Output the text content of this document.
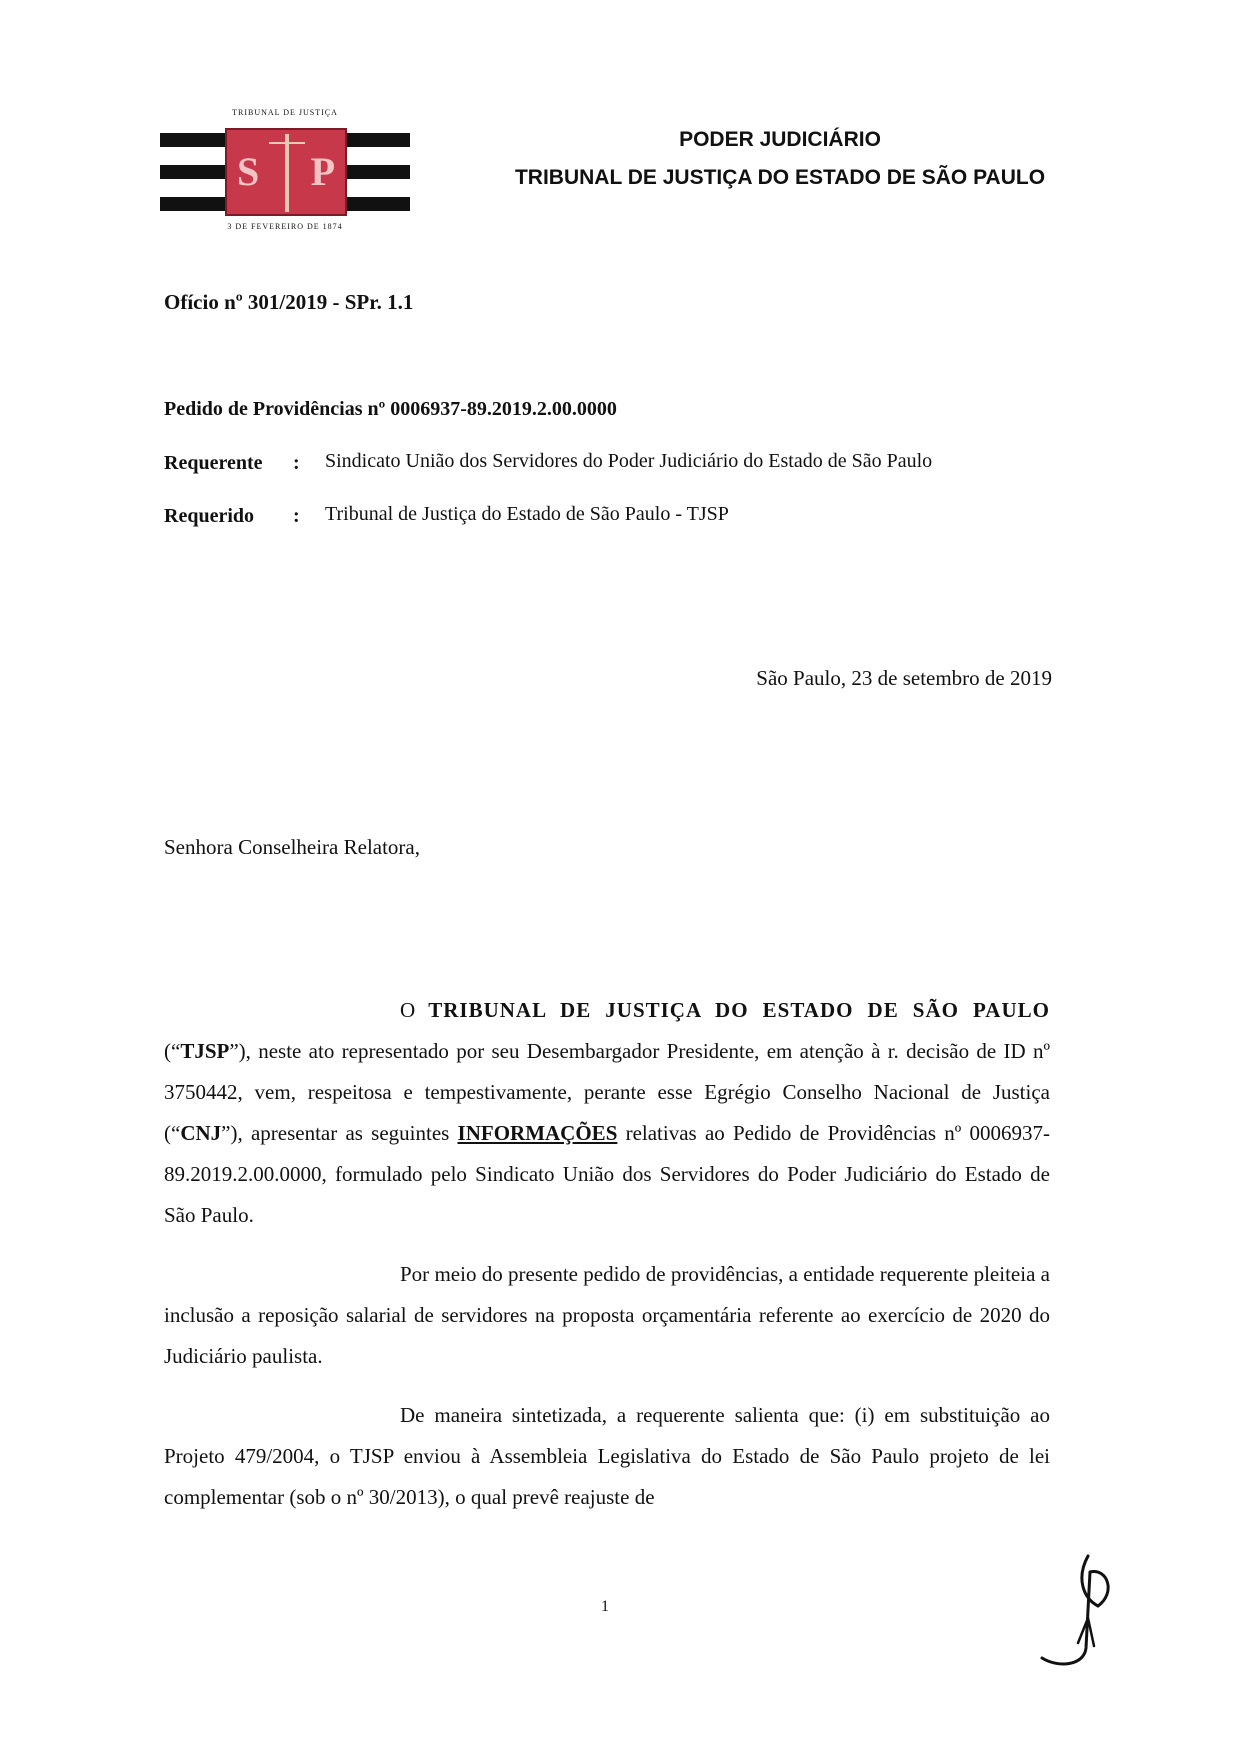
TRIBUNAL DE JUSTIÇA
S P
3 DE FEVEREIRO DE 1874
PODER JUDICIÁRIO
TRIBUNAL DE JUSTIÇA DO ESTADO DE SÃO PAULO
Ofício nº 301/2019 - SPr. 1.1
Pedido de Providências nº 0006937-89.2019.2.00.0000
Requerente : Sindicato União dos Servidores do Poder Judiciário do Estado de São Paulo
Requerido : Tribunal de Justiça do Estado de São Paulo - TJSP
São Paulo, 23 de setembro de 2019
Senhora Conselheira Relatora,

O TRIBUNAL DE JUSTIÇA DO ESTADO DE SÃO PAULO (“TJSP”), neste ato representado por seu Desembargador Presidente, em atenção à r. decisão de ID nº 3750442, vem, respeitosa e tempestivamente, perante esse Egrégio Conselho Nacional de Justiça (“CNJ”), apresentar as seguintes INFORMAÇÕES relativas ao Pedido de Providências nº 0006937-89.2019.2.00.0000, formulado pelo Sindicato União dos Servidores do Poder Judiciário do Estado de São Paulo.

Por meio do presente pedido de providências, a entidade requerente pleiteia a inclusão a reposição salarial de servidores na proposta orçamentária referente ao exercício de 2020 do Judiciário paulista.

De maneira sintetizada, a requerente salienta que: (i) em substituição ao Projeto 479/2004, o TJSP enviou à Assembleia Legislativa do Estado de São Paulo projeto de lei complementar (sob o nº 30/2013), o qual prevê reajuste de

1
